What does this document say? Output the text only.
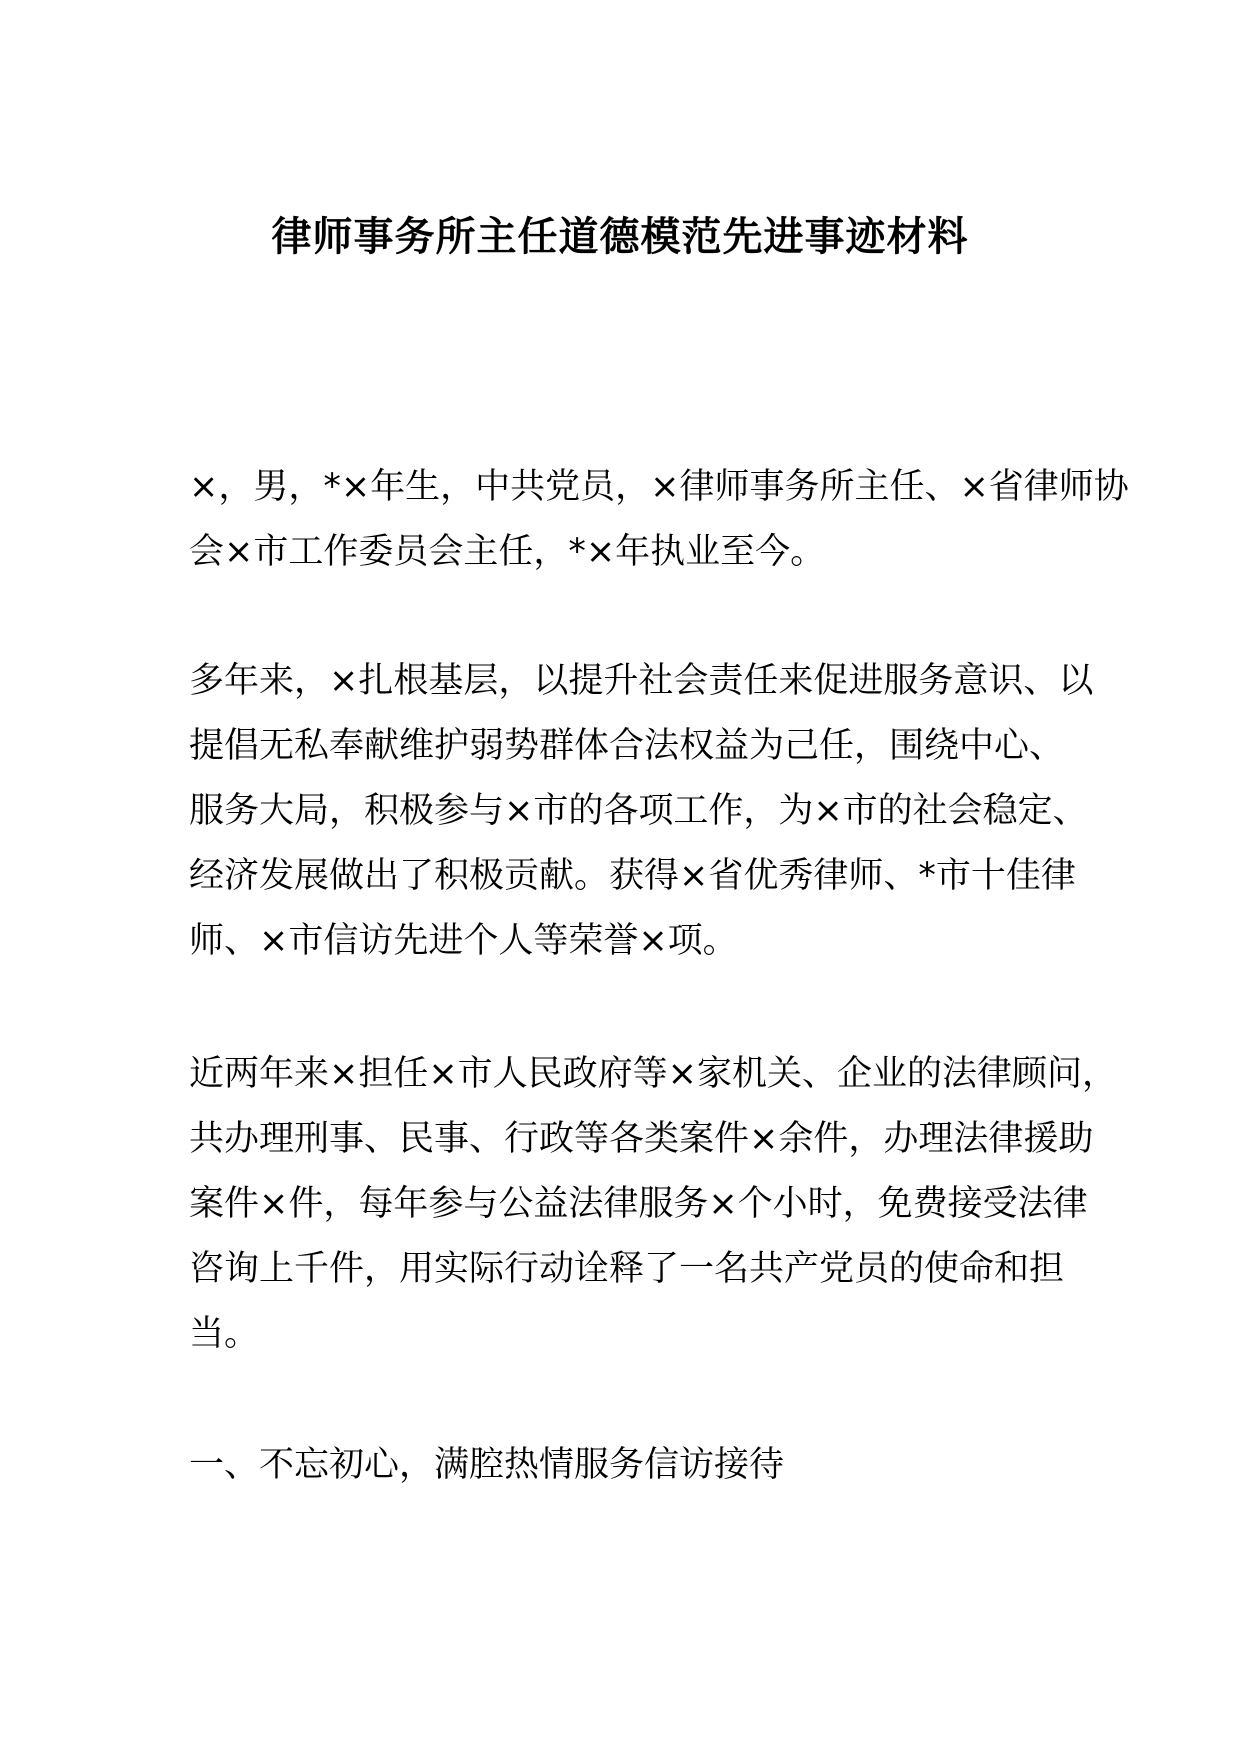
律师事务所主任道德模范先进事迹材料
×，男，*×年生，中共党员，×律师事务所主任、×省律师协
会×市工作委员会主任，*×年执业至今。
多年来，×扎根基层，以提升社会责任来促进服务意识、以
提倡无私奉献维护弱势群体合法权益为己任，围绕中心、
服务大局，积极参与×市的各项工作，为×市的社会稳定、
经济发展做出了积极贡献。获得×省优秀律师、*市十佳律
师、×市信访先进个人等荣誉×项。
近两年来×担任×市人民政府等×家机关、企业的法律顾问，
共办理刑事、民事、行政等各类案件×余件，办理法律援助
案件×件，每年参与公益法律服务×个小时，免费接受法律
咨询上千件，用实际行动诠释了一名共产党员的使命和担
当。
一、不忘初心，满腔热情服务信访接待
